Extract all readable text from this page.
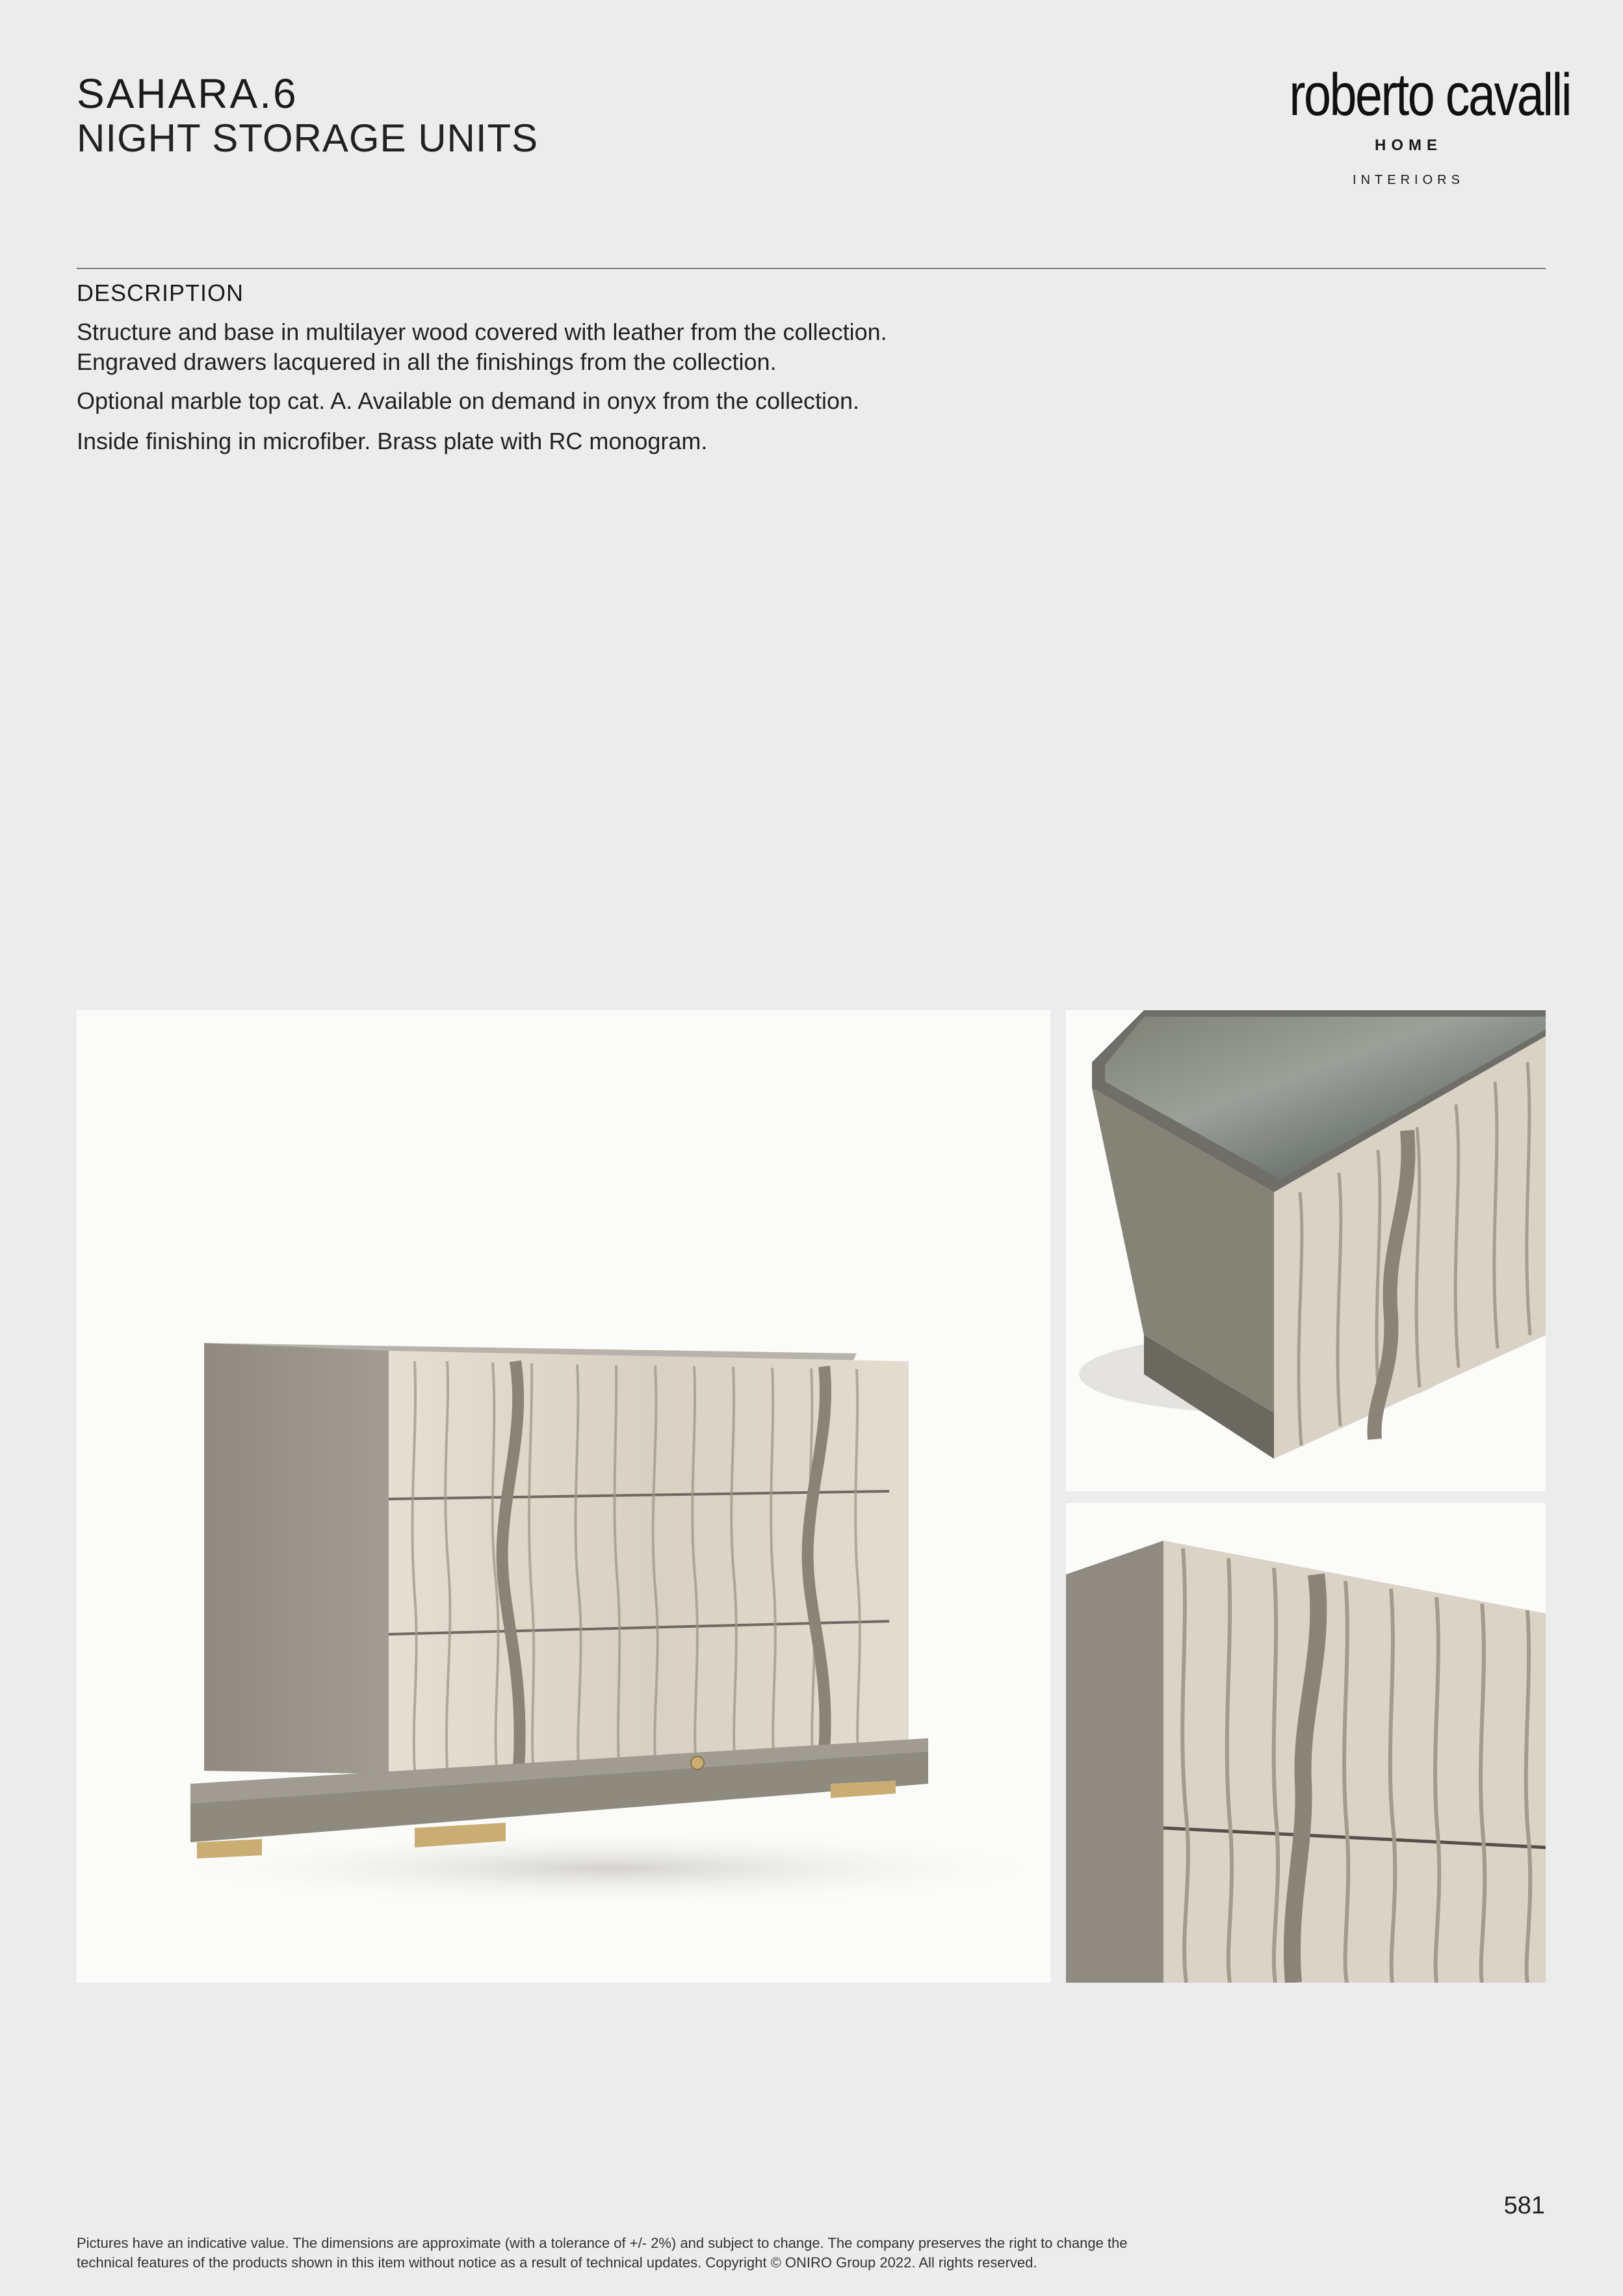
SAHARA.6
NIGHT STORAGE UNITS
roberto cavalli
HOME
INTERIORS
DESCRIPTION
Structure and base in multilayer wood covered with leather from the collection.
Engraved drawers lacquered in all the finishings from the collection.
Optional marble top cat. A. Available on demand in onyx from the collection.
Inside finishing in microfiber. Brass plate with RC monogram.
581
Pictures have an indicative value. The dimensions are approximate (with a tolerance of +/- 2%) and subject to change. The company preserves the right to change the
technical features of the products shown in this item without notice as a result of technical updates. Copyright © ONIRO Group 2022. All rights reserved.
